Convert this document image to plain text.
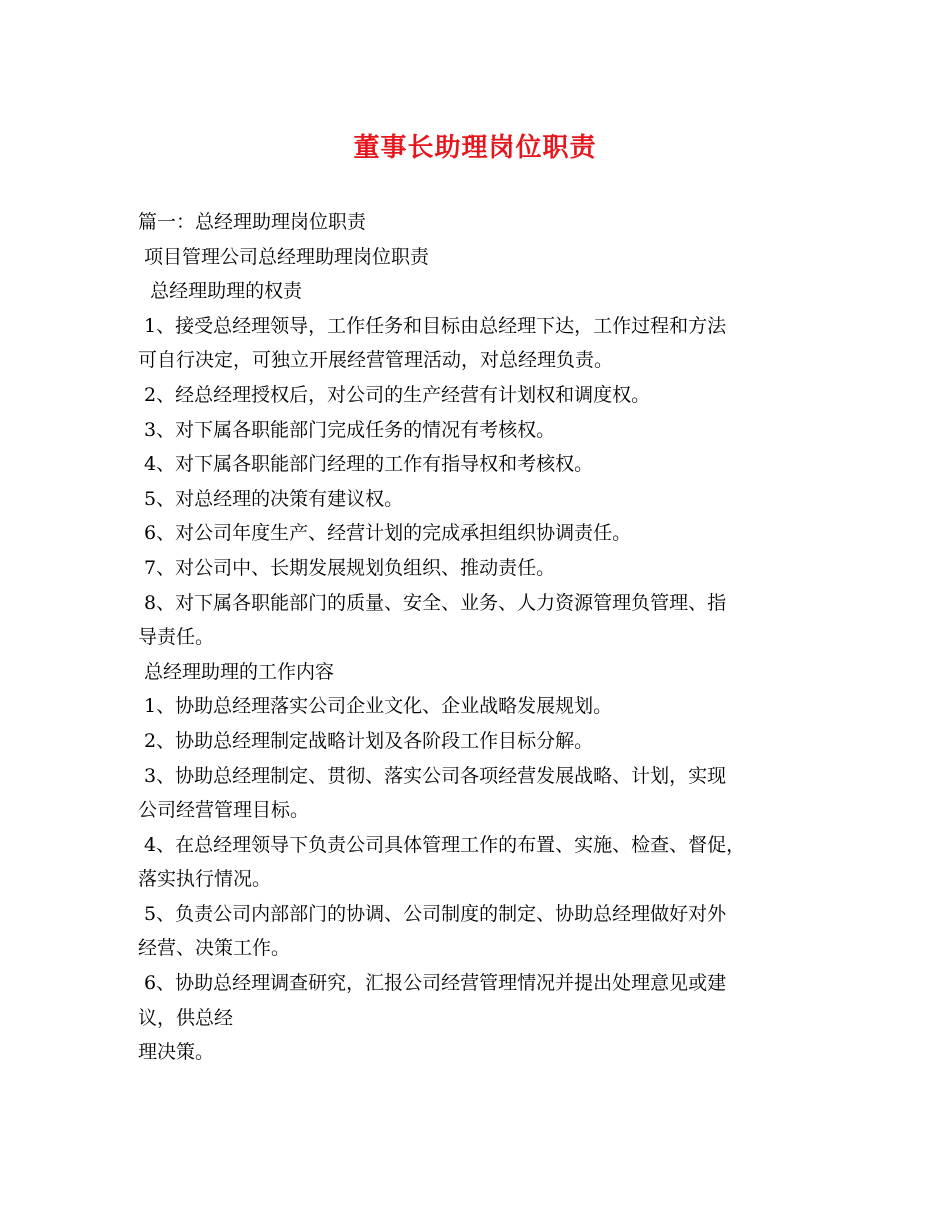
董事长助理岗位职责
篇一：总经理助理岗位职责
项目管理公司总经理助理岗位职责
总经理助理的权责
1、接受总经理领导，工作任务和目标由总经理下达，工作过程和方法
可自行决定，可独立开展经营管理活动，对总经理负责。
2、经总经理授权后，对公司的生产经营有计划权和调度权。
3、对下属各职能部门完成任务的情况有考核权。
4、对下属各职能部门经理的工作有指导权和考核权。
5、对总经理的决策有建议权。
6、对公司年度生产、经营计划的完成承担组织协调责任。
7、对公司中、长期发展规划负组织、推动责任。
8、对下属各职能部门的质量、安全、业务、人力资源管理负管理、指
导责任。
总经理助理的工作内容
1、协助总经理落实公司企业文化、企业战略发展规划。
2、协助总经理制定战略计划及各阶段工作目标分解。
3、协助总经理制定、贯彻、落实公司各项经营发展战略、计划，实现
公司经营管理目标。
4、在总经理领导下负责公司具体管理工作的布置、实施、检查、督促，
落实执行情况。
5、负责公司内部部门的协调、公司制度的制定、协助总经理做好对外
经营、决策工作。
6、协助总经理调查研究，汇报公司经营管理情况并提出处理意见或建
议，供总经
理决策。
